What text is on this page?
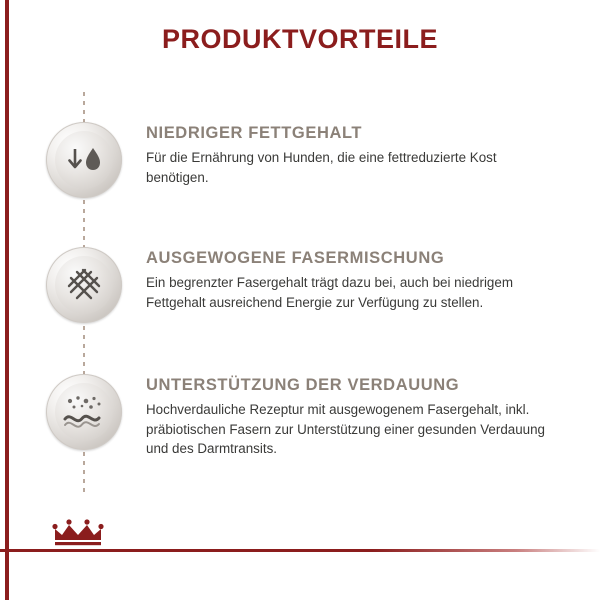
PRODUKTVORTEILE

NIEDRIGER FETTGEHALT

Für die Ernährung von Hunden, die eine fettreduzierte Kost benötigen.

AUSGEWOGENE FASERMISCHUNG

Ein begrenzter Fasergehalt trägt dazu bei, auch bei niedrigem Fettgehalt ausreichend Energie zur Verfügung zu stellen.

UNTERSTÜTZUNG DER VERDAUUNG

Hochverdauliche Rezeptur mit ausgewogenem Fasergehalt, inkl. präbiotischen Fasern zur Unterstützung einer gesunden Verdauung und des Darmtransits.
